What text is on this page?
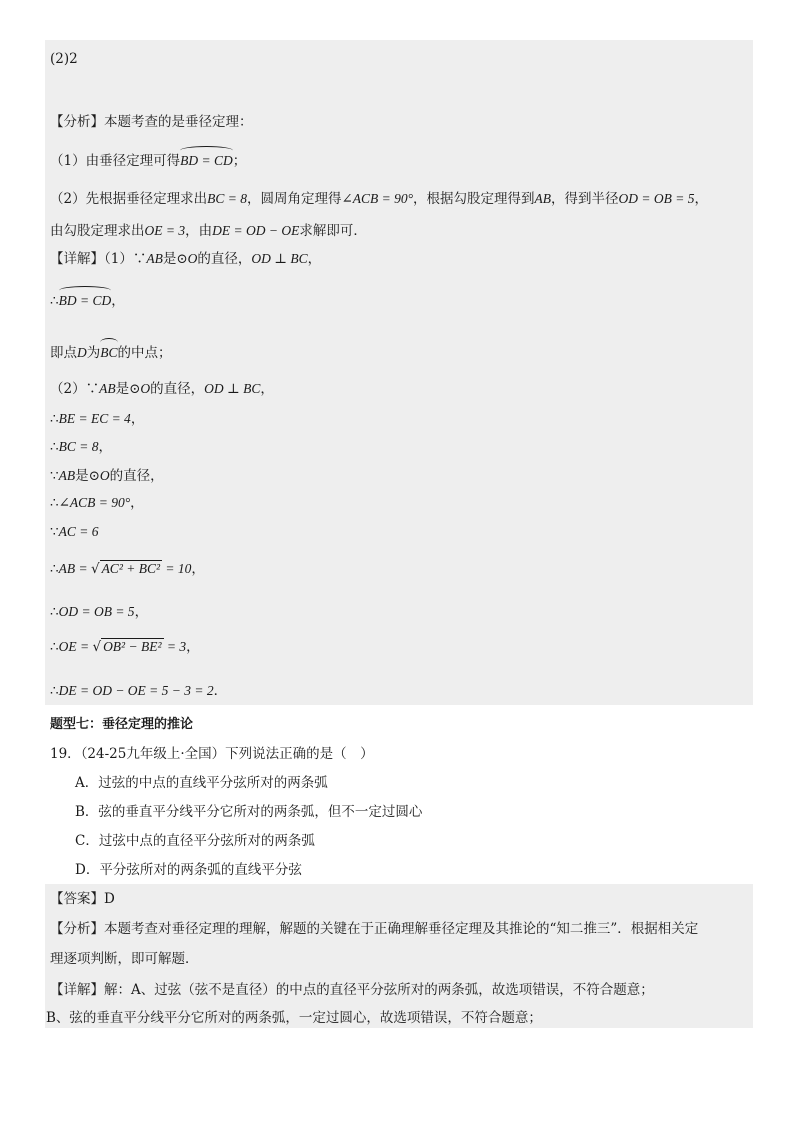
(2)2
【分析】本题考查的是垂径定理：
（1）由垂径定理可得BD = CD；
（2）先根据垂径定理求出BC = 8，圆周角定理得∠ACB = 90°，根据勾股定理得到AB，得到半径OD = OB = 5，
由勾股定理求出OE = 3，由DE = OD − OE求解即可．
【详解】（1）∵AB是⊙O的直径，OD ⊥ BC，
∴BD = CD，
即点D为BC的中点；
（2）∵AB是⊙O的直径，OD ⊥ BC，
∴BE = EC = 4，
∴BC = 8，
∵AB是⊙O的直径，
∴∠ACB = 90°，
∵AC = 6
∴AB = √ AC² + BC² = 10，
∴OD = OB = 5，
∴OE = √ OB² − BE² = 3，
∴DE = OD − OE = 5 − 3 = 2．
题型七：垂径定理的推论
19．（24-25九年级上·全国）下列说法正确的是（　）
A．过弦的中点的直线平分弦所对的两条弧
B．弦的垂直平分线平分它所对的两条弧，但不一定过圆心
C．过弦中点的直径平分弦所对的两条弧
D．平分弦所对的两条弧的直线平分弦
【答案】D
【分析】本题考查对垂径定理的理解，解题的关键在于正确理解垂径定理及其推论的“知二推三”．根据相关定
理逐项判断，即可解题．
【详解】解：A、过弦（弦不是直径）的中点的直径平分弦所对的两条弧，故选项错误，不符合题意；
B、弦的垂直平分线平分它所对的两条弧，一定过圆心，故选项错误，不符合题意；
